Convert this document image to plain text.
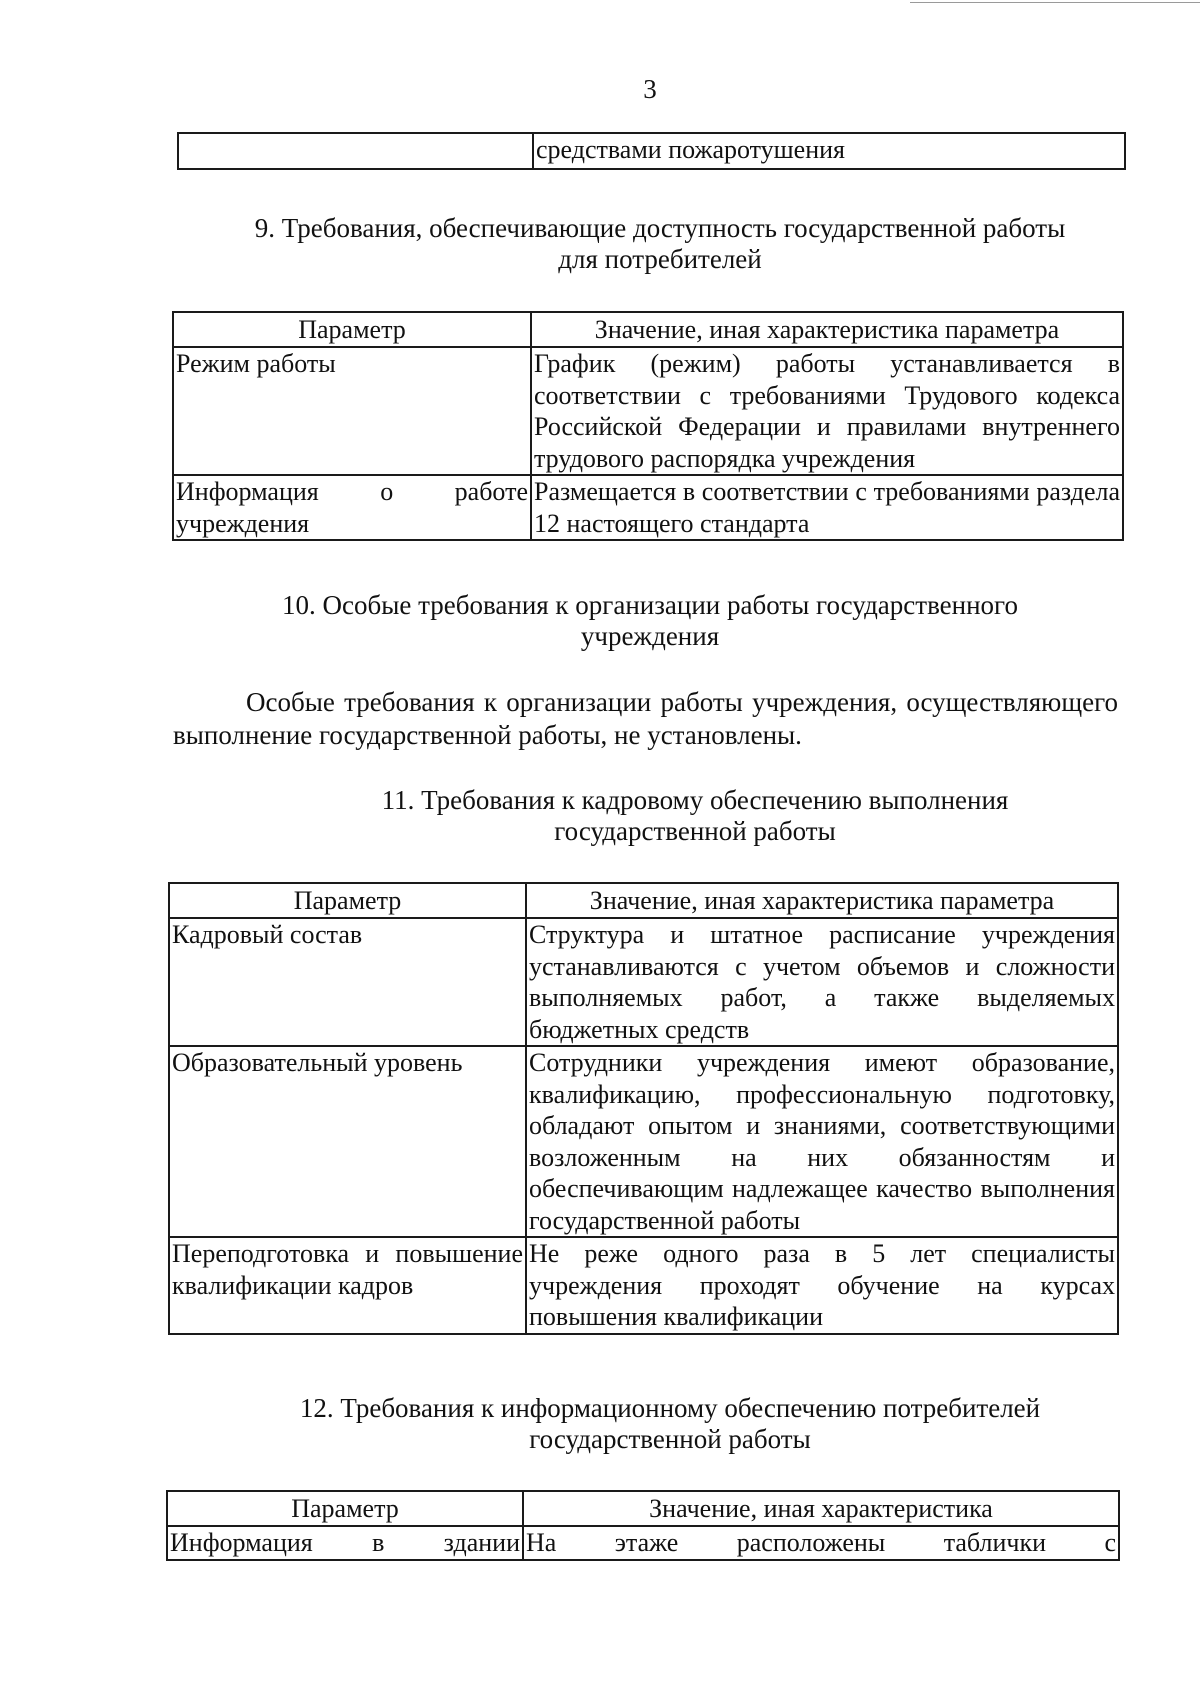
3
	средствами пожаротушения
9. Требования, обеспечивающие доступность государственной работы
для потребителей
Параметр	Значение, иная характеристика параметра
Режим работы	График (режим) работы устанавливается в соответствии с требованиями Трудового кодекса Российской Федерации и правилами внутреннего трудового распорядка учреждения
Информация о работе учреждения	Размещается в соответствии с требованиями раздела 12 настоящего стандарта
10. Особые требования к организации работы государственного
учреждения
Особые требования к организации работы учреждения, осуществляющего выполнение государственной работы, не установлены.
11. Требования к кадровому обеспечению выполнения
государственной работы
Параметр	Значение, иная характеристика параметра
Кадровый состав	Структура и штатное расписание учреждения устанавливаются с учетом объемов и сложности выполняемых работ, а также выделяемых бюджетных средств
Образовательный уровень	Сотрудники учреждения имеют образование, квалификацию, профессиональную подготовку, обладают опытом и знаниями, соответствующими возложенным на них обязанностям и обеспечивающим надлежащее качество выполнения государственной работы
Переподготовка и повышение квалификации кадров	Не реже одного раза в 5 лет специалисты учреждения проходят обучение на курсах повышения квалификации
12. Требования к информационному обеспечению потребителей
государственной работы
Параметр	Значение, иная характеристика
Информация в здании	На этаже расположены таблички с
